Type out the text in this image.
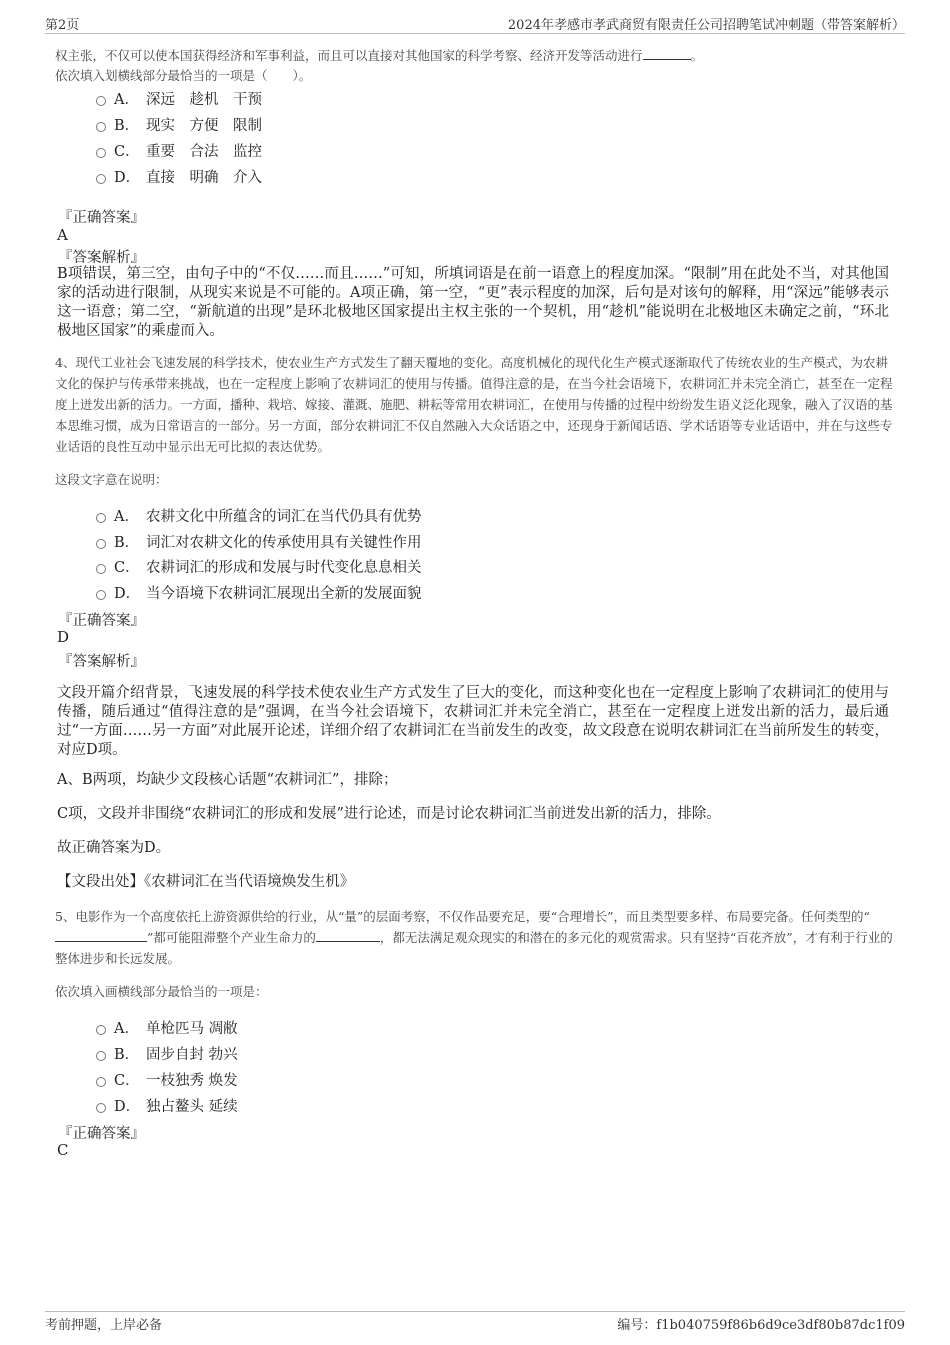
第2页	2024年孝感市孝武商贸有限责任公司招聘笔试冲刺题（带答案解析）

权主张，不仅可以使本国获得经济和军事利益，而且可以直接对其他国家的科学考察、经济开发等活动进行	。

依次填入划横线部分最恰当的一项是（　　）。

A． 深远　趁机　干预
B． 现实　方便　限制
C． 重要　合法　监控
D． 直接　明确　介入

『正确答案』

A

『答案解析』

B项错误，第三空，由句子中的“不仅……而且……”可知，所填词语是在前一语意上的程度加深。“限制”用在此处不当，对其他国家的活动进行限制，从现实来说是不可能的。A项正确，第一空，“更”表示程度的加深，后句是对该句的解释，用“深远”能够表示这一语意；第二空，“新航道的出现”是环北极地区国家提出主权主张的一个契机，用“趁机”能说明在北极地区未确定之前，“环北极地区国家”的乘虚而入。

4、现代工业社会飞速发展的科学技术，使农业生产方式发生了翻天覆地的变化。高度机械化的现代化生产模式逐渐取代了传统农业的生产模式，为农耕文化的保护与传承带来挑战，也在一定程度上影响了农耕词汇的使用与传播。值得注意的是，在当今社会语境下，农耕词汇并未完全消亡，甚至在一定程度上迸发出新的活力。一方面，播种、栽培、嫁接、灌溉、施肥、耕耘等常用农耕词汇，在使用与传播的过程中纷纷发生语义泛化现象，融入了汉语的基本思维习惯，成为日常语言的一部分。另一方面，部分农耕词汇不仅自然融入大众话语之中，还现身于新闻话语、学术话语等专业话语中，并在与这些专业话语的良性互动中显示出无可比拟的表达优势。

这段文字意在说明：

A． 农耕文化中所蕴含的词汇在当代仍具有优势
B． 词汇对农耕文化的传承使用具有关键性作用
C． 农耕词汇的形成和发展与时代变化息息相关
D． 当今语境下农耕词汇展现出全新的发展面貌

『正确答案』

D

『答案解析』

文段开篇介绍背景，飞速发展的科学技术使农业生产方式发生了巨大的变化，而这种变化也在一定程度上影响了农耕词汇的使用与传播，随后通过“值得注意的是”强调，在当今社会语境下，农耕词汇并未完全消亡，甚至在一定程度上迸发出新的活力，最后通过“一方面……另一方面”对此展开论述，详细介绍了农耕词汇在当前发生的改变，故文段意在说明农耕词汇在当前所发生的转变，对应D项。

A、B两项，均缺少文段核心话题“农耕词汇”，排除；

C项，文段并非围绕“农耕词汇的形成和发展”进行论述，而是讨论农耕词汇当前迸发出新的活力，排除。

故正确答案为D。

【文段出处】《农耕词汇在当代语境焕发生机》

5、电影作为一个高度依托上游资源供给的行业，从“量”的层面考察，不仅作品要充足，要“合理增长”，而且类型要多样、布局要完备。任何类型的“”都可能阻滞整个产业生命力的	，都无法满足观众现实的和潜在的多元化的观赏需求。只有坚持“百花齐放”，才有利于行业的整体进步和长远发展。

依次填入画横线部分最恰当的一项是：

A． 单枪匹马 凋敝
B． 固步自封 勃兴
C． 一枝独秀 焕发
D． 独占鳌头 延续

『正确答案』

C

考前押题，上岸必备	编号：f1b040759f86b6d9ce3df80b87dc1f09
